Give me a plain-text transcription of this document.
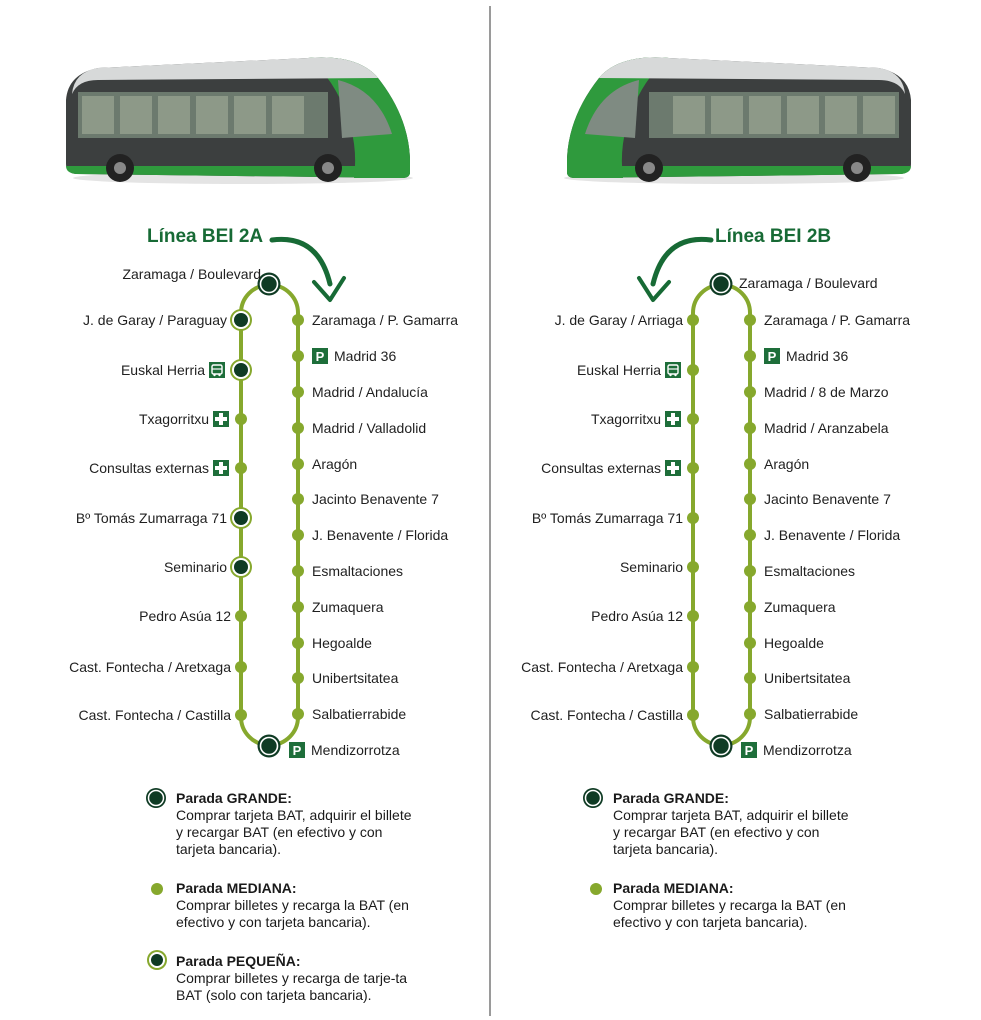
Línea BEI 2A
Zaramaga / Boulevard
J. de Garay / Paraguay
Euskal Herria
Txagorritxu
Consultas externas
Bº Tomás Zumarraga 71
Seminario
Pedro Asúa 12
Cast. Fontecha / Aretxaga
Cast. Fontecha / Castilla
Zaramaga / P. Gamarra
P Madrid 36
Madrid / Andalucía
Madrid / Valladolid
Aragón
Jacinto Benavente 7
J. Benavente / Florida
Esmaltaciones
Zumaquera
Hegoalde
Unibertsitatea
Salbatierrabide
P Mendizorrotza
Parada GRANDE:
Comprar tarjeta BAT, adquirir el billete y recargar BAT (en efectivo y con tarjeta bancaria).
Parada MEDIANA:
Comprar billetes y recarga la BAT (en efectivo y con tarjeta bancaria).
Parada PEQUEÑA:
Comprar billetes y recarga de tarje-ta BAT (solo con tarjeta bancaria).
Línea BEI 2B
J. de Garay / Arriaga
Euskal Herria
Txagorritxu
Consultas externas
Bº Tomás Zumarraga 71
Seminario
Pedro Asúa 12
Cast. Fontecha / Aretxaga
Cast. Fontecha / Castilla
Zaramaga / Boulevard
Zaramaga / P. Gamarra
P Madrid 36
Madrid / 8 de Marzo
Madrid / Aranzabela
Aragón
Jacinto Benavente 7
J. Benavente / Florida
Esmaltaciones
Zumaquera
Hegoalde
Unibertsitatea
Salbatierrabide
P Mendizorrotza
Parada GRANDE:
Comprar tarjeta BAT, adquirir el billete y recargar BAT (en efectivo y con tarjeta bancaria).
Parada MEDIANA:
Comprar billetes y recarga la BAT (en efectivo y con tarjeta bancaria).
